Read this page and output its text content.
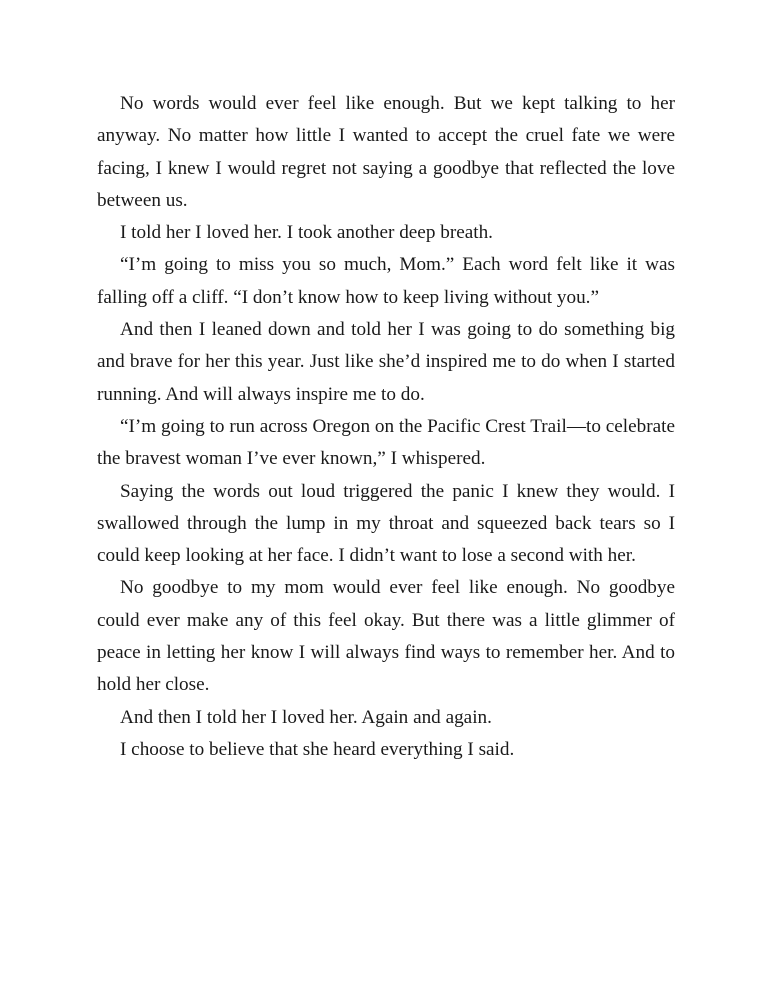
No words would ever feel like enough. But we kept talking to her anyway. No matter how little I wanted to accept the cruel fate we were facing, I knew I would regret not saying a goodbye that reflected the love between us.

I told her I loved her. I took another deep breath.

“I’m going to miss you so much, Mom.” Each word felt like it was falling off a cliff. “I don’t know how to keep living without you.”

And then I leaned down and told her I was going to do something big and brave for her this year. Just like she’d inspired me to do when I started running. And will always inspire me to do.

“I’m going to run across Oregon on the Pacific Crest Trail—to celebrate the bravest woman I’ve ever known,” I whispered.

Saying the words out loud triggered the panic I knew they would. I swallowed through the lump in my throat and squeezed back tears so I could keep looking at her face. I didn’t want to lose a second with her.

No goodbye to my mom would ever feel like enough. No goodbye could ever make any of this feel okay. But there was a little glimmer of peace in letting her know I will always find ways to remember her. And to hold her close.

And then I told her I loved her. Again and again.

I choose to believe that she heard everything I said.
